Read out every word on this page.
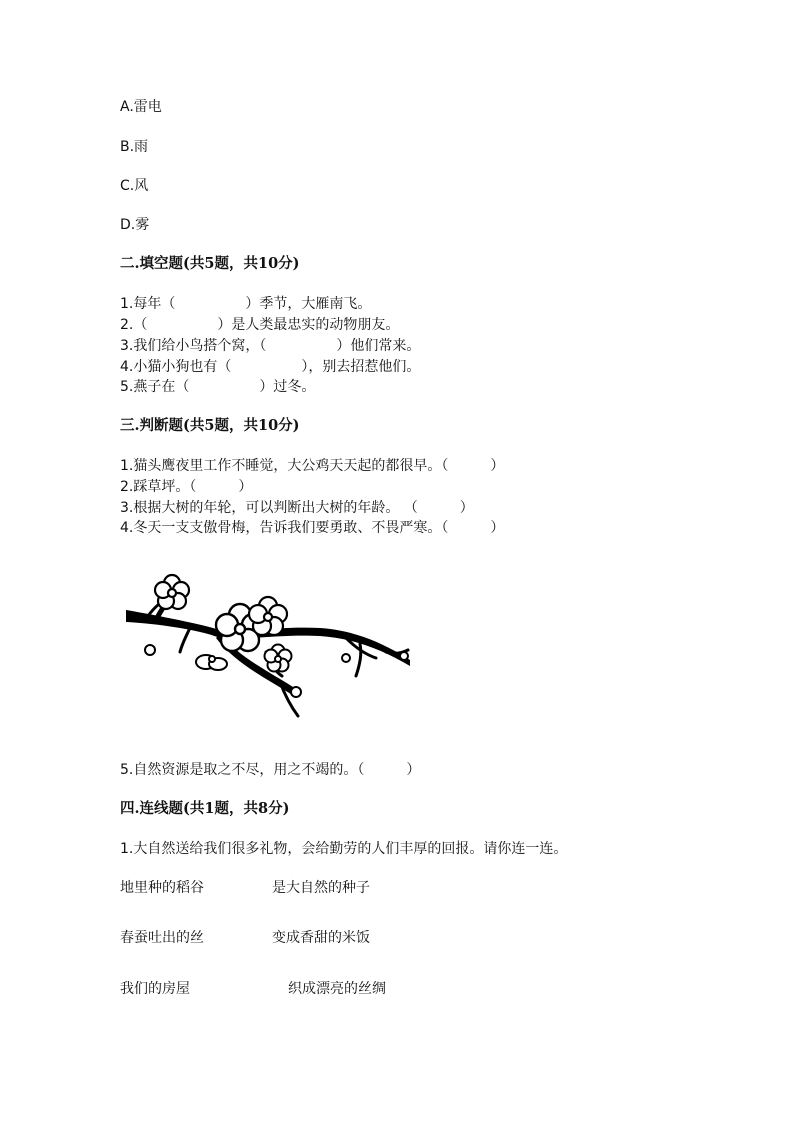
A.雷电
B.雨
C.风
D.雾
二.填空题(共5题，共10分)
1.每年（　　　　　）季节，大雁南飞。
2.（　　　　　）是人类最忠实的动物朋友。
3.我们给小鸟搭个窝，（　　　　　）他们常来。
4.小猫小狗也有（　　　　　），别去招惹他们。
5.燕子在（　　　　　）过冬。
三.判断题(共5题，共10分)
1.猫头鹰夜里工作不睡觉，大公鸡天天起的都很早。（　　　）
2.踩草坪。（　　　）
3.根据大树的年轮，可以判断出大树的年龄。 （　　　）
4.冬天一支支傲骨梅，告诉我们要勇敢、不畏严寒。（　　　）
5.自然资源是取之不尽，用之不竭的。（　　　）
四.连线题(共1题，共8分)
1.大自然送给我们很多礼物，会给勤劳的人们丰厚的回报。请你连一连。
地里种的稻谷	是大自然的种子
春蚕吐出的丝	变成香甜的米饭
我们的房屋	织成漂亮的丝绸
